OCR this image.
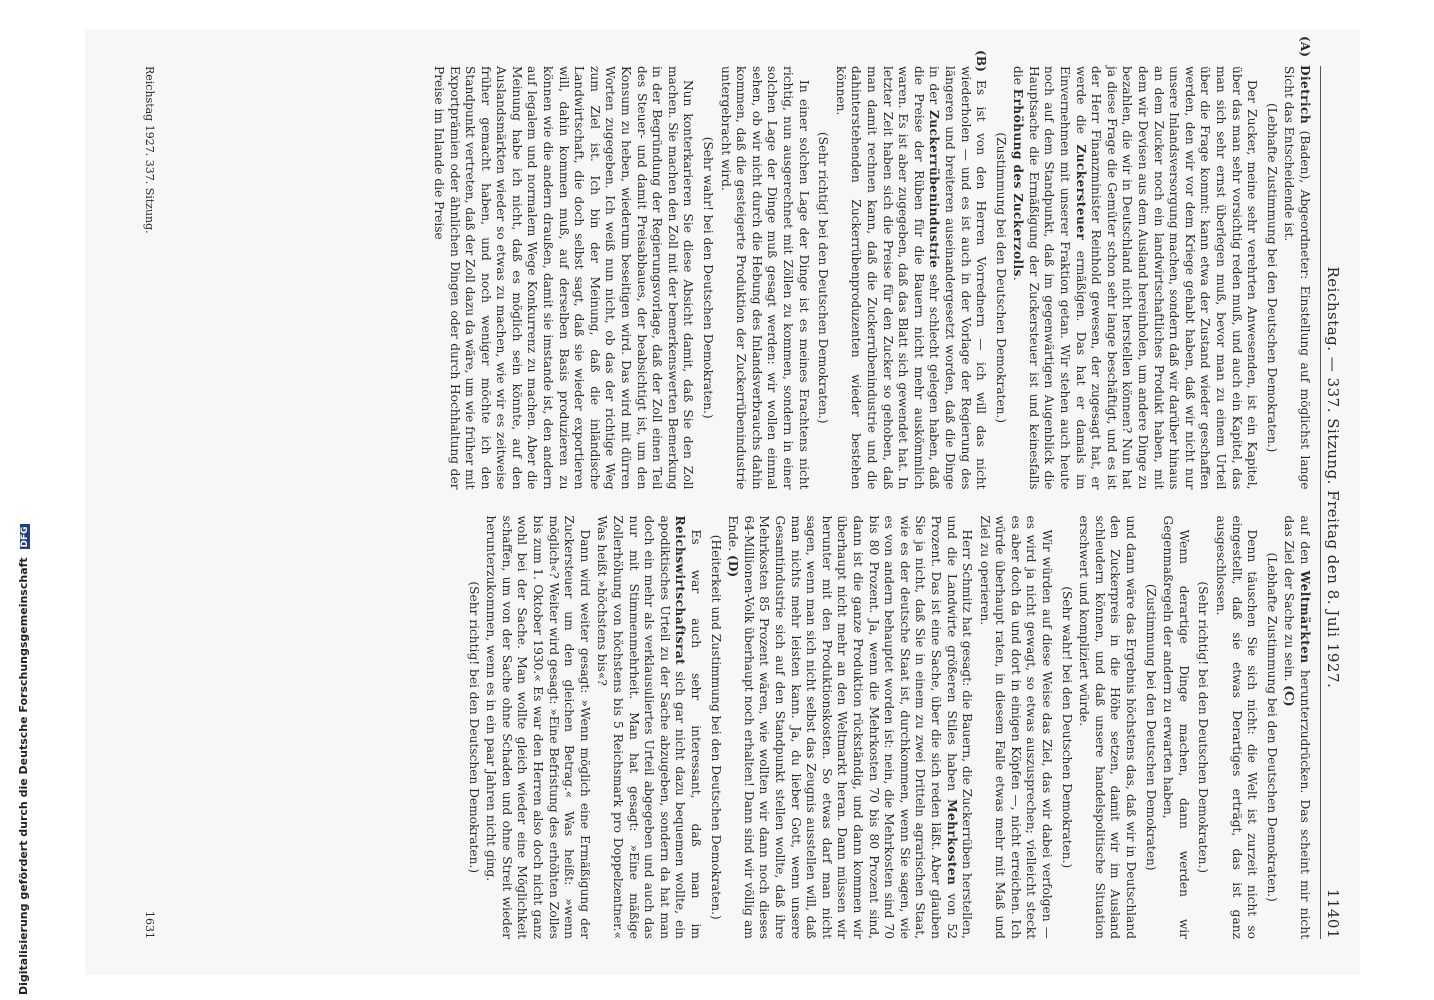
Digitalisierung gefördert durch die Deutsche Forschungsgemeinschaft DFG	Reichstag. — 337. Sitzung. Freitag den 8. Juli 1927.
11401

(A)Dietrich (Baden), Abgeordneter: Einstellung auf möglichst lange Sicht das Entscheidende ist.

(Lebhafte Zustimmung bei den Deutschen Demokraten.)

Der Zucker, meine sehr verehrten Anwesenden, ist ein Kapitel, über das man sehr vorsichtig reden muß, und auch ein Kapitel, das man sich sehr ernst überlegen muß, bevor man zu einem Urteil über die Frage kommt: kann etwa der Zustand wieder geschaffen werden, den wir vor dem Kriege gehabt haben, daß wir nicht nur unsere Inlandsversorgung machen, sondern daß wir darüber hinaus an dem Zucker noch ein landwirtschaftliches Produkt haben, mit dem wir Devisen aus dem Ausland hereinholen, um andere Dinge zu bezahlen, die wir in Deutschland nicht herstellen können? Nun hat ja diese Frage die Gemüter schon sehr lange beschäftigt, und es ist der Herr Finanzminister Reinhold gewesen, der zugesagt hat, er werde die Zuckersteuer ermäßigen. Das hat er damals im Einvernehmen mit unserer Fraktion getan. Wir stehen auch heute noch auf dem Standpunkt, daß im gegenwärtigen Augenblick die Hauptsache die Ermäßigung der Zuckersteuer ist und keinesfalls die Erhöhung des Zuckerzolls.

(Zustimmung bei den Deutschen Demokraten.)

(B)
Es ist von den Herren Vorrednern — ich will das nicht wiederholen — und es ist auch in der Vorlage der Regierung des längeren und breiteren auseinandergesetzt worden, daß die Dinge in der Zuckerrübenindustrie sehr schlecht gelegen haben, daß die Preise der Rüben für die Bauern nicht mehr auskömmlich waren. Es ist aber zugegeben, daß das Blatt sich gewendet hat. In letzter Zeit haben sich die Preise für den Zucker so gehoben, daß man damit rechnen kann, daß die Zuckerrübenindustrie und die dahinterstehenden Zuckerrübenproduzenten wieder bestehen können.

(Sehr richtig! bei den Deutschen Demokraten.)

In einer solchen Lage der Dinge ist es meines Erachtens nicht richtig, nun ausgerechnet mit Zöllen zu kommen, sondern in einer solchen Lage der Dinge muß gesagt werden: wir wollen einmal sehen, ob wir nicht durch die Hebung des Inlandsverbrauchs dahin kommen, daß die gesteigerte Produktion der Zuckerrübenindustrie untergebracht wird.

(Sehr wahr! bei den Deutschen Demokraten.)

Nun konterkarieren Sie diese Absicht damit, daß Sie den Zoll machen. Sie machen den Zoll mit der bemerkenswerten Bemerkung in der Begründung der Regierungsvorlage, daß der Zoll einen Teil des Steuer- und damit Preisabbaues, der beabsichtigt ist, um den Konsum zu heben, wiederum beseitigen wird. Das wird mit dürren Worten zugegeben. Ich weiß nun nicht, ob das der richtige Weg zum Ziel ist. Ich bin der Meinung, daß die inländische Landwirtschaft, die doch selbst sagt, daß sie wieder exportieren will, dahin kommen muß, auf derselben Basis produzieren zu können wie die andern draußen, damit sie imstande ist, den andern auf legalem und normalem Wege Konkurrenz zu machen. Aber die Meinung habe ich nicht, daß es möglich sein könnte, auf den Auslandsmärkten wieder so etwas zu machen, wie wir es zeitweise früher gemacht haben, und noch weniger möchte ich den Standpunkt vertreten, daß der Zoll dazu da wäre, um wie früher mit Exportprämien oder ähnlichen Dingen oder durch Hochhaltung der Preise im Inlande die Preise

auf den Weltmärkten herunterzudrücken. Das scheint mir nicht das Ziel der Sache zu sein. (C)

(Lebhafte Zustimmung bei den Deutschen Demokraten.)

Denn täuschen Sie sich nicht: die Welt ist zurzeit nicht so eingestellt, daß sie etwas Derartiges erträgt, das ist ganz ausgeschlossen.

(Sehr richtig! bei den Deutschen Demokraten.)

Wenn derartige Dinge machen, dann werden wir Gegenmaßregeln der andern zu erwarten haben,

(Zustimmung bei den Deutschen Demokraten)

und dann wäre das Ergebnis höchstens das, daß wir in Deutschland den Zuckerpreis in die Höhe setzen, damit wir im Ausland schleudern können, und daß unsere handelspolitische Situation erschwert und kompliziert würde.

(Sehr wahr! bei den Deutschen Demokraten.)

Wir würden auf diese Weise das Ziel, das wir dabei verfolgen — es wird ja nicht gewagt, so etwas auszusprechen; vielleicht steckt es aber doch da und dort in einigen Köpfen —, nicht erreichen. Ich würde überhaupt raten, in diesem Falle etwas mehr mit Maß und Ziel zu operieren.

Herr Schmitz hat gesagt: die Bauern, die Zuckerrüben herstellen, und die Landwirte größeren Stiles haben Mehrkosten von 52 Prozent. Das ist eine Sache, über die sich reden läßt. Aber glauben Sie ja nicht, daß Sie in einem zu zwei Dritteln agrarischen Staat, wie es der deutsche Staat ist, durchkommen, wenn Sie sagen, wie es von andern behauptet worden ist: nein, die Mehrkosten sind 70 bis 80 Prozent. Ja, wenn die Mehrkosten 70 bis 80 Prozent sind, dann ist die ganze Produktion rückständig, und dann kommen wir überhaupt nicht mehr an den Weltmarkt heran. Dann müssen wir herunter mit den Produktionskosten. So etwas darf man nicht sagen, wenn man sich nicht selbst das Zeugnis ausstellen will, daß man nichts mehr leisten kann. Ja, du lieber Gott, wenn unsere Gesamtindustrie sich auf den Standpunkt stellen wollte, daß ihre Mehrkosten 85 Prozent wären, wie wollten wir dann noch dieses 64-Millionen-Volk überhaupt noch erhalten! Dann sind wir völlig am Ende. (D)

(Heiterkeit und Zustimmung bei den Deutschen Demokraten.)

Es war auch sehr interessant, daß man im Reichswirtschaftsrat sich gar nicht dazu bequemen wollte, ein apodiktisches Urteil zu der Sache abzugeben, sondern da hat man doch ein mehr als verklausuliertes Urteil abgegeben und auch das nur mit Stimmenmehrheit. Man hat gesagt: »Eine mäßige Zollerhöhung von höchstens bis 5 Reichsmark pro Doppelzentner.« Was heißt »höchstens bis«?

Dann wird weiter gesagt: »Wenn möglich eine Ermäßigung der Zuckersteuer um den gleichen Betrag.« Was heißt: »wenn möglich«? Weiter wird gesagt: »Eine Befristung des erhöhten Zolles bis zum 1. Oktober 1930.« Es war den Herren also doch nicht ganz wohl bei der Sache. Man wollte gleich wieder eine Möglichkeit schaffen, um von der Sache ohne Schaden und ohne Streit wieder herunterzukommen, wenn es in ein paar Jahren nicht ging.

(Sehr richtig! bei den Deutschen Demokraten.)

Reichstag 1927. 337. Sitzung.
1631
